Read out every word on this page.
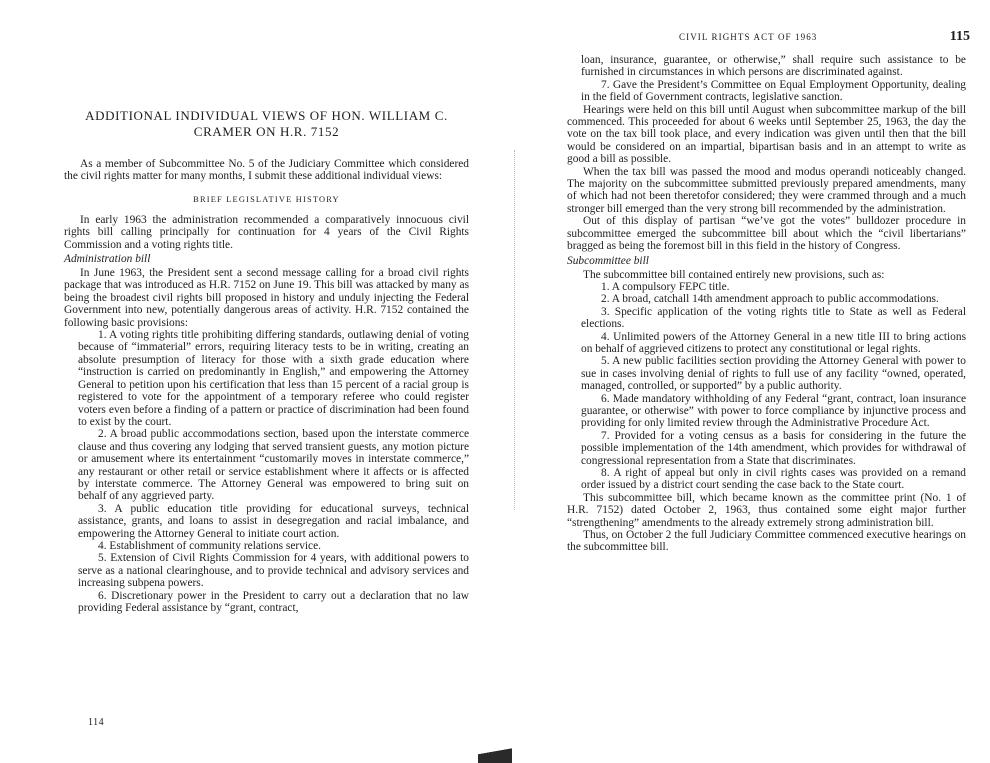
ADDITIONAL INDIVIDUAL VIEWS OF HON. WILLIAM C. CRAMER ON H.R. 7152

As a member of Subcommittee No. 5 of the Judiciary Committee which considered the civil rights matter for many months, I submit these additional individual views:

BRIEF LEGISLATIVE HISTORY

In early 1963 the administration recommended a comparatively innocuous civil rights bill calling principally for continuation for 4 years of the Civil Rights Commission and a voting rights title.

Administration bill

In June 1963, the President sent a second message calling for a broad civil rights package that was introduced as H.R. 7152 on June 19. This bill was attacked by many as being the broadest civil rights bill proposed in history and unduly injecting the Federal Government into new, potentially dangerous areas of activity. H.R. 7152 contained the following basic provisions:

1. A voting rights title prohibiting differing standards, outlawing denial of voting because of “immaterial” errors, requiring literacy tests to be in writing, creating an absolute presumption of literacy for those with a sixth grade education where “instruction is carried on predominantly in English,” and empowering the Attorney General to petition upon his certification that less than 15 percent of a racial group is registered to vote for the appointment of a temporary referee who could register voters even before a finding of a pattern or practice of discrimination had been found to exist by the court.

2. A broad public accommodations section, based upon the interstate commerce clause and thus covering any lodging that served transient guests, any motion picture or amusement where its entertainment “customarily moves in interstate commerce,” any restaurant or other retail or service establishment where it affects or is affected by interstate commerce. The Attorney General was empowered to bring suit on behalf of any aggrieved party.

3. A public education title providing for educational surveys, technical assistance, grants, and loans to assist in desegregation and racial imbalance, and empowering the Attorney General to initiate court action.

4. Establishment of community relations service.

5. Extension of Civil Rights Commission for 4 years, with additional powers to serve as a national clearinghouse, and to provide technical and advisory services and increasing subpena powers.

6. Discretionary power in the President to carry out a declaration that no law providing Federal assistance by “grant, contract,

114
CIVIL RIGHTS ACT OF 1963	115

loan, insurance, guarantee, or otherwise,” shall require such assistance to be furnished in circumstances in which persons are discriminated against.

7. Gave the President’s Committee on Equal Employment Opportunity, dealing in the field of Government contracts, legislative sanction.

Hearings were held on this bill until August when subcommittee markup of the bill commenced. This proceeded for about 6 weeks until September 25, 1963, the day the vote on the tax bill took place, and every indication was given until then that the bill would be considered on an impartial, bipartisan basis and in an attempt to write as good a bill as possible.

When the tax bill was passed the mood and modus operandi noticeably changed. The majority on the subcommittee submitted previously prepared amendments, many of which had not been theretofor considered; they were crammed through and a much stronger bill emerged than the very strong bill recommended by the administration.

Out of this display of partisan “we’ve got the votes” bulldozer procedure in subcommittee emerged the subcommittee bill about which the “civil libertarians” bragged as being the foremost bill in this field in the history of Congress.

Subcommittee bill

The subcommittee bill contained entirely new provisions, such as:

1. A compulsory FEPC title.

2. A broad, catchall 14th amendment approach to public accommodations.

3. Specific application of the voting rights title to State as well as Federal elections.

4. Unlimited powers of the Attorney General in a new title III to bring actions on behalf of aggrieved citizens to protect any constitutional or legal rights.

5. A new public facilities section providing the Attorney General with power to sue in cases involving denial of rights to full use of any facility “owned, operated, managed, controlled, or supported” by a public authority.

6. Made mandatory withholding of any Federal “grant, contract, loan insurance guarantee, or otherwise” with power to force compliance by injunctive process and providing for only limited review through the Administrative Procedure Act.

7. Provided for a voting census as a basis for considering in the future the possible implementation of the 14th amendment, which provides for withdrawal of congressional representation from a State that discriminates.

8. A right of appeal but only in civil rights cases was provided on a remand order issued by a district court sending the case back to the State court.

This subcommittee bill, which became known as the committee print (No. 1 of H.R. 7152) dated October 2, 1963, thus contained some eight major further “strengthening” amendments to the already extremely strong administration bill.

Thus, on October 2 the full Judiciary Committee commenced executive hearings on the subcommittee bill.
